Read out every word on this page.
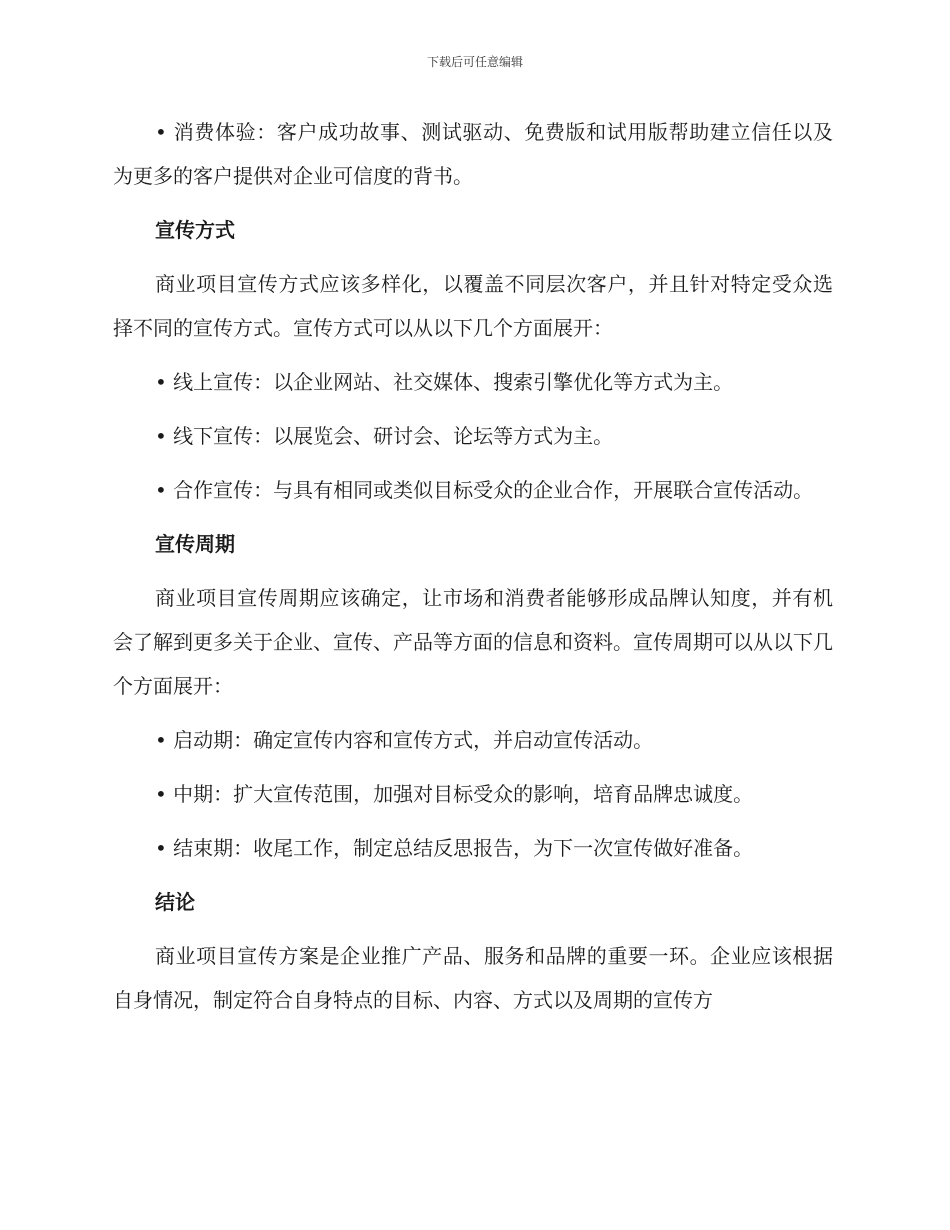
下载后可任意编辑

• 消费体验：客户成功故事、测试驱动、免费版和试用版帮助建立信任以及为更多的客户提供对企业可信度的背书。

宣传方式

商业项目宣传方式应该多样化，以覆盖不同层次客户，并且针对特定受众选择不同的宣传方式。宣传方式可以从以下几个方面展开：

• 线上宣传：以企业网站、社交媒体、搜索引擎优化等方式为主。

• 线下宣传：以展览会、研讨会、论坛等方式为主。

• 合作宣传：与具有相同或类似目标受众的企业合作，开展联合宣传活动。

宣传周期

商业项目宣传周期应该确定，让市场和消费者能够形成品牌认知度，并有机会了解到更多关于企业、宣传、产品等方面的信息和资料。宣传周期可以从以下几个方面展开：

• 启动期：确定宣传内容和宣传方式，并启动宣传活动。

• 中期：扩大宣传范围，加强对目标受众的影响，培育品牌忠诚度。

• 结束期：收尾工作，制定总结反思报告，为下一次宣传做好准备。

结论

商业项目宣传方案是企业推广产品、服务和品牌的重要一环。企业应该根据自身情况，制定符合自身特点的目标、内容、方式以及周期的宣传方
